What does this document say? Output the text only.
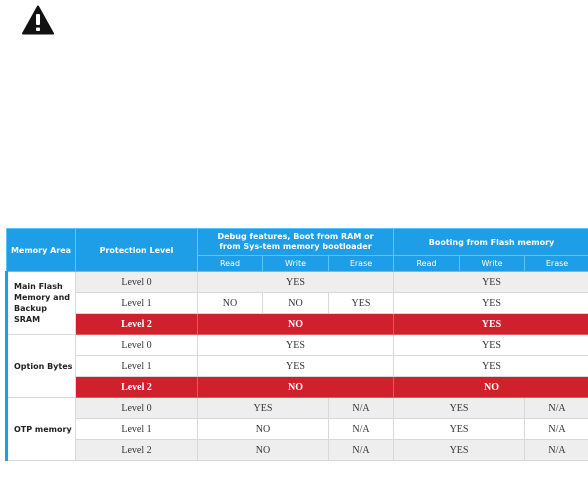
Memory Area	Protection Level	Debug features, Boot from RAM or from Sys-tem memory bootloader			Booting from Flash memory		
		Read	Write	Erase	Read	Write	Erase
Main Flash Memory and Backup SRAM	Level 0	YES			YES		
	Level 1	NO	NO	YES	YES		
	Level 2	NO			YES		
Option Bytes	Level 0	YES			YES		
	Level 1	YES			YES		
	Level 2	NO			NO		
OTP memory	Level 0	YES		N/A	YES		N/A
	Level 1	NO		N/A	YES		N/A
	Level 2	NO		N/A	YES		N/A
